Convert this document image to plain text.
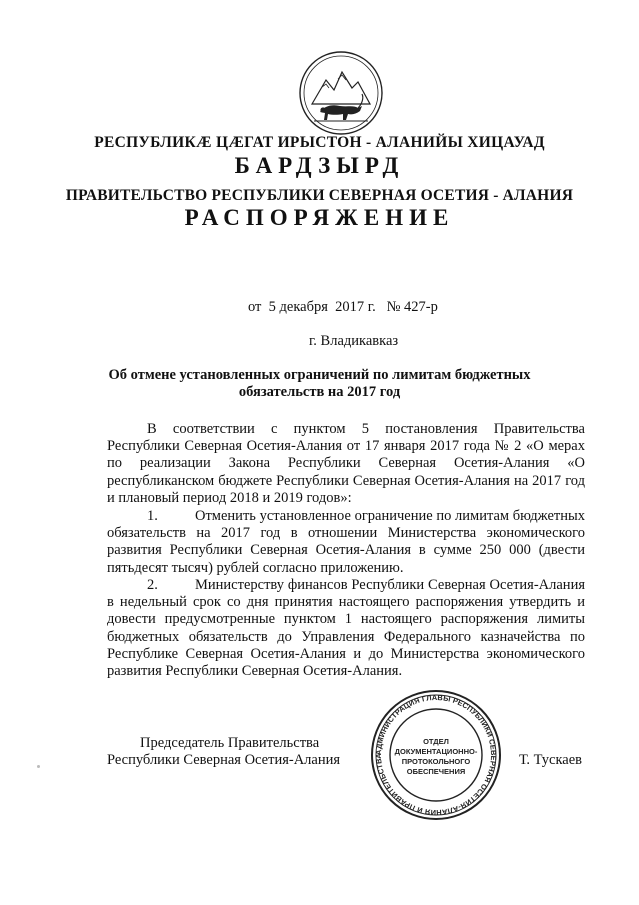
РЕСПУБЛИКӔ ЦӔГАТ ИРЫСТОН - АЛАНИЙЫ ХИЦАУАД
БАРДЗЫРД
ПРАВИТЕЛЬСТВО РЕСПУБЛИКИ СЕВЕРНАЯ ОСЕТИЯ - АЛАНИЯ
РАСПОРЯЖЕНИЕ
от  5 декабря  2017 г.   № 427-р
г. Владикавказ
Об отмене установленных ограничений по лимитам бюджетных
обязательств на 2017 год

В соответствии с пунктом 5 постановления Правительства Республики Северная Осетия-Алания от 17 января 2017 года № 2 «О мерах по реализации Закона Республики Северная Осетия-Алания «О республиканском бюджете Республики Северная Осетия-Алания на 2017 год и плановый период 2018 и 2019 годов»:

1.	Отменить установленное ограничение по лимитам бюджетных обязательств на 2017 год в отношении Министерства экономического развития Республики Северная Осетия-Алания в сумме 250 000 (двести пятьдесят тысяч) рублей согласно приложению.

2.	Министерству финансов Республики Северная Осетия-Алания в недельный срок со дня принятия настоящего распоряжения утвердить и довести предусмотренные пунктом 1 настоящего распоряжения лимиты бюджетных обязательств до Управления Федерального казначейства по Республике Северная Осетия-Алания и до Министерства экономического развития Республики Северная Осетия-Алания.

Председатель Правительства
Республики Северная Осетия-Алания	Т. Тускаев
АДМИНИСТРАЦИЯ ГЛАВЫ РЕСПУБЛИКИ СЕВЕРНАЯ ОСЕТИЯ-АЛАНИЯ И ПРАВИТЕЛЬСТВА
ОТДЕЛ
ДОКУМЕНТАЦИОННО-
ПРОТОКОЛЬНОГО
ОБЕСПЕЧЕНИЯ
